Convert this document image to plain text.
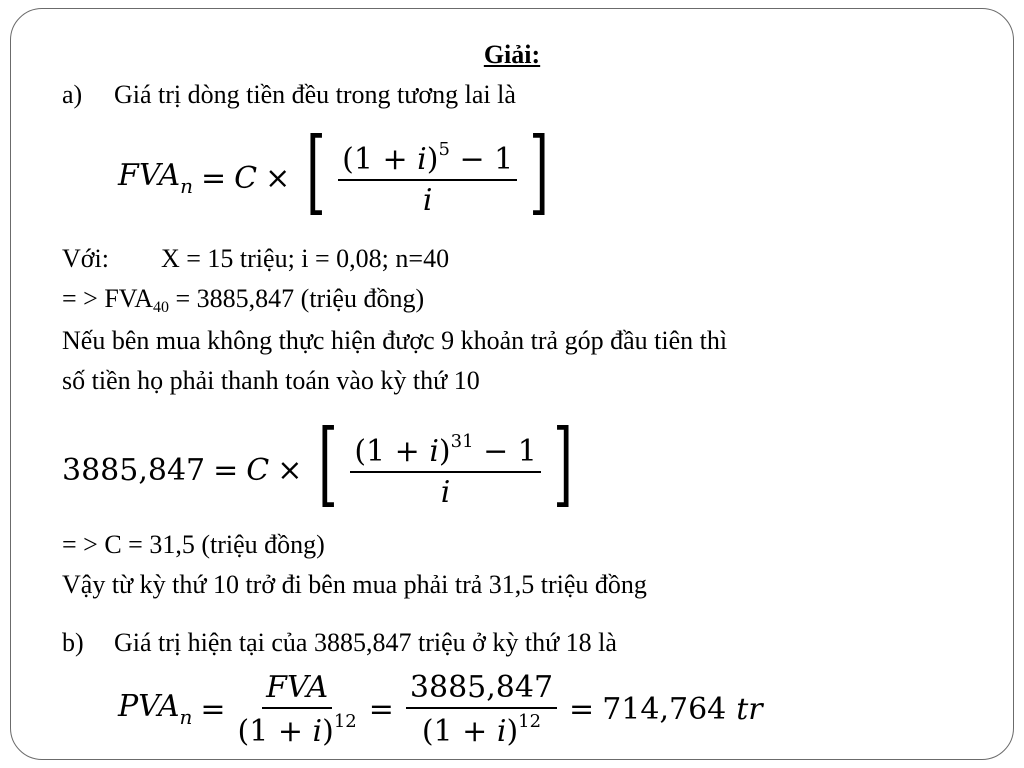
Giải:
a) Giá trị dòng tiền đều trong tương lai là
$FVA_n = C$ × [ $\frac{(1 + i)^5 - 1}{i}$ ]
Với: X = 15 triệu; i = 0,08; n=40
= > $FVA_{40} = 3885,847$ (triệu đồng)
Nếu bên mua không thực hiện được 9 khoản trả góp đầu tiên thì
số tiền họ phải thanh toán vào kỳ thứ 10
3885,847 = C × [ $\frac{(1 + i)^{31} - 1}{i}$ ]
= > C = 31,5 (triệu đồng)
Vậy từ kỳ thứ 10 trở đi bên mua phải trả 31,5 triệu đồng
b) Giá trị hiện tại của 3885,847 triệu ở kỳ thứ 18 là
$PVA_n = \frac{\text{FVA}}{(1 + i)^{12}} = \frac{3885,847}{(1 + i)^{12}} = 714,764$ tr
